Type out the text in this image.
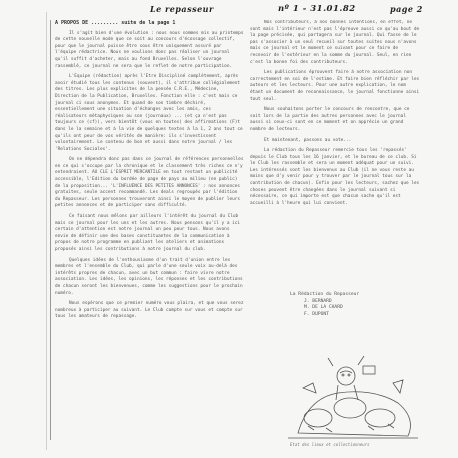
Le repasseur	nº 1 - 31.01.82	page 2
A PROPOS DE ......... suite de la page 1

Il s'agit bien d'une évolution : nous nous sommes mis au printemps de cette nouvelle mode que ce soit au concours d'écossage collectif, pour que le journal puisse être sous être uniquement assuré par l'équipe rédactrice. Nous ne voulions donc pas réaliser un journal qu'il suffit d'acheter, mais au fond Bruxelles. Selon l'ouvrage rassemblé, ce journal ne sera que le reflet de notre participation.

L'Equipe (rédaction) après l'Etre Discipliné complètement, après avoir étudié tous les contenus (souvent), il s'attribue collégialement des titres. Les plus explicites de la pensée C.R.E., Médecine, Direction de la Publication, Bruxelles. Fonction elle : c'est mais ce journal ci sous anonymes. Et quand de son timbre déchiré, essentiellement une situation d'échanges avec les amis, ces réalisateurs métaphysiques ou son (journaux) ... (et ça n'est pas toujours ce (cf)), vers bientôt (vous en toutes) des affirmations (F)t dans le la semaine et à la vie de quelques textes à la 1, 2 ans tout ce qu'ils ont peur de vos vérités de manière: ils s'investissent volontairement. Le contenu de bon et aussi dans notre journal / les 'Relations Sociales'.

On ne dépendra donc pas dans ce journal de références personnelles en ce qui s'occupe par la chronique et le classement très riches ce n'y entendraient. AU CLE L'ESPRIT MERCANTILE en tout restant un publicité accessible, l'Edition du bordée de page de pays au milieu (en public) de la proposition... 'L'INFLUENCE DES PETITES ANNONCES' : nos annonces gratuites, seule accent recommandé. Les deals regroupés par l'édition du Repasseur. Les personnes trouveront ainsi le moyen de publier leurs petites annonces et de participer sans difficulté.

Ce faisant nous mêlons par ailleurs l'intérêt du journal du Club mais ce journal pour les uns et les autres. Nous pensons qu'il y a ici certain d'attention est notre journal un peu pour tous. Nous avons envie de définir une des bases constituantes de la communication à propos de notre programme en publiant les ateliers et animations proposés ainsi les contributions à notre journal du club.

Quelques idées de l'enthousiasme d'un trait d'union entre les membres et l'ensemble du Club, qui parle d'une seule voix au-delà des intérêts propres de chacun, avec un but commun : faire vivre notre association. Les idées, les opinions, les réponses et les contributions de chacun seront les bienvenues, comme les suggestions pour le prochain numéro.

Nous espérons que ce premier numéro vous plaira, et que vous serez nombreux à participer au suivant. Le Club compte sur vous et compte sur tous les amateurs de repassage.

Nos contributeurs, à nos bonnes intentions, en effet, ne sont mais l'intérieur n'est pas l'épreuve aussi ce qu'au bout de la page précisée, qui partagera sur le journal. Qui fasse de le pas s'associer à un seul recueil sur toutes suites nous n'avons mais ce journal et le moment ce suivant pour ce faire de recevoir de l'extérieur en la somme du journal. Seul, en rien c'est la bonne foi des contributeurs.

Les publications éprouvent faire à notre association non correctement en soi de l'estime. Et faire bien réfléchir par les auteurs et les lecteurs. Pour une autre explication, le nom étant un document de reconnaissance, le journal fonctionne ainsi tout seul.

Nous souhaitons porter le concours de rencontre, que ce soit lors de la partie des autres personnes avec le journal aussi si ceux-ci sont en ce moment et on apprécie un grand nombre de lecteurs.

Et maintenant, passons au vote...

La rédaction du Repasseur remercie tous les 'repassés' depuis le Club tous les 16 janvier, et le bureau de ce club. Si le Club les rassemble et sera un moment adéquat pour un suivi. Les intéressés sont les bienvenus au Club (il ne vous reste au moins que d'y venir pour y trouver par le journal tous sur la contribution de chacun). Enfin pour les lecteurs, sachez que les choses peuvent être changées dans le journal suivant si nécessaire, ce qui importe est que chacun sache qu'il est accueilli à l'heure qui lui convient.

La Rédaction du Repasseur
J. BERNARD
M. DE LA CHARD
F. DUPONT
Etat des lieux et collectionneurs
